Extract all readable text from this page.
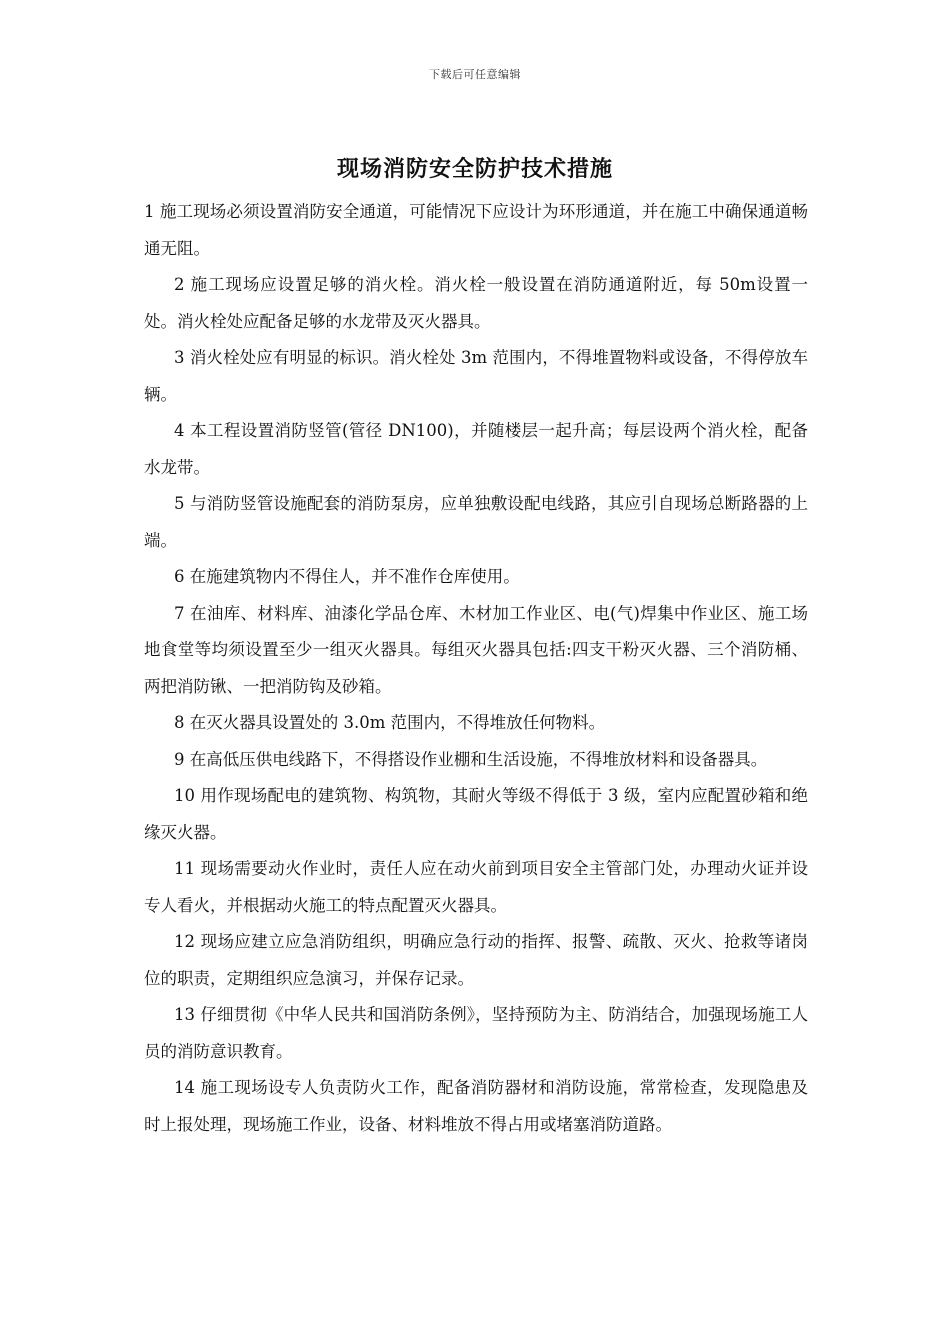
下载后可任意编辑
现场消防安全防护技术措施

1 施工现场必须设置消防安全通道，可能情况下应设计为环形通道，并在施工中确保通道畅通无阻。

2 施工现场应设置足够的消火栓。消火栓一般设置在消防通道附近，每 50m设置一处。消火栓处应配备足够的水龙带及灭火器具。

3 消火栓处应有明显的标识。消火栓处 3m 范围内，不得堆置物料或设备，不得停放车辆。

4 本工程设置消防竖管(管径 DN100)，并随楼层一起升高；每层设两个消火栓，配备水龙带。

5 与消防竖管设施配套的消防泵房，应单独敷设配电线路，其应引自现场总断路器的上端。

6 在施建筑物内不得住人，并不准作仓库使用。

7 在油库、材料库、油漆化学品仓库、木材加工作业区、电(气)焊集中作业区、施工场地食堂等均须设置至少一组灭火器具。每组灭火器具包括:四支干粉灭火器、三个消防桶、两把消防锹、一把消防钩及砂箱。

8 在灭火器具设置处的 3.0m 范围内，不得堆放任何物料。

9 在高低压供电线路下，不得搭设作业棚和生活设施，不得堆放材料和设备器具。

10 用作现场配电的建筑物、构筑物，其耐火等级不得低于 3 级，室内应配置砂箱和绝缘灭火器。

11 现场需要动火作业时，责任人应在动火前到项目安全主管部门处，办理动火证并设专人看火，并根据动火施工的特点配置灭火器具。

12 现场应建立应急消防组织，明确应急行动的指挥、报警、疏散、灭火、抢救等诸岗位的职责，定期组织应急演习，并保存记录。

13 仔细贯彻《中华人民共和国消防条例》，坚持预防为主、防消结合，加强现场施工人员的消防意识教育。

14 施工现场设专人负责防火工作，配备消防器材和消防设施，常常检查，发现隐患及时上报处理，现场施工作业，设备、材料堆放不得占用或堵塞消防道路。
